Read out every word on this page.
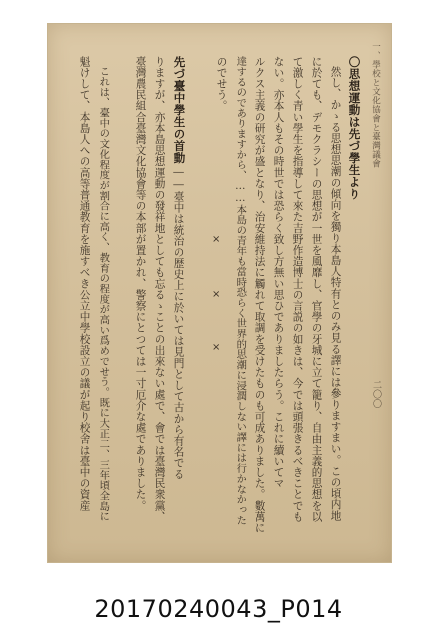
一、學校と文化協會と臺灣議會
二〇〇
〇思想運動は先づ學生より
然し、かゝる思想思潮の傾向を獨り本島人特有とのみ見る譯には參りますまい。この頃内地
に於ても、デモクラシーの思想が一世を風靡し、官學の牙城に立て籠り、自由主義的思想を以
て激しく青い學生を指導して來た吉野作造博士の言説の如きは、今では頭張きるべきことでも
ない。亦本人もその時世では恐らく致し方無い思ひでありましたらう。これに續いてマ
ルクス主義の研究が盛となり、治安維持法に觸れて取調を受けたものも可成ありました。數萬に
達するのでありますから、……本島の青年も當時恐らく世界的思潮に浸潤しない譯には行かなかった
のでせう。
×
×
×
先づ臺中學生の首動
――臺中は統治の歴史上に於いては見門として古から有名でる
りますが、亦本島思想運動の發祥地としても忘るゝことの出來ない處で、會では臺灣民衆黨、
臺灣農民組合臺灣文化協會等の本部が置かれ、警察にとつては一寸厄介な處でありました。
これは、臺中の文化程度が割合に高く、教育の程度が高い爲めでせう。既に大正二、三年頃全島に
魁けして、本島人への高等普通教育を施すべき公立中學校設立の議が起り校舍は臺中の資産
20170240043_P014
